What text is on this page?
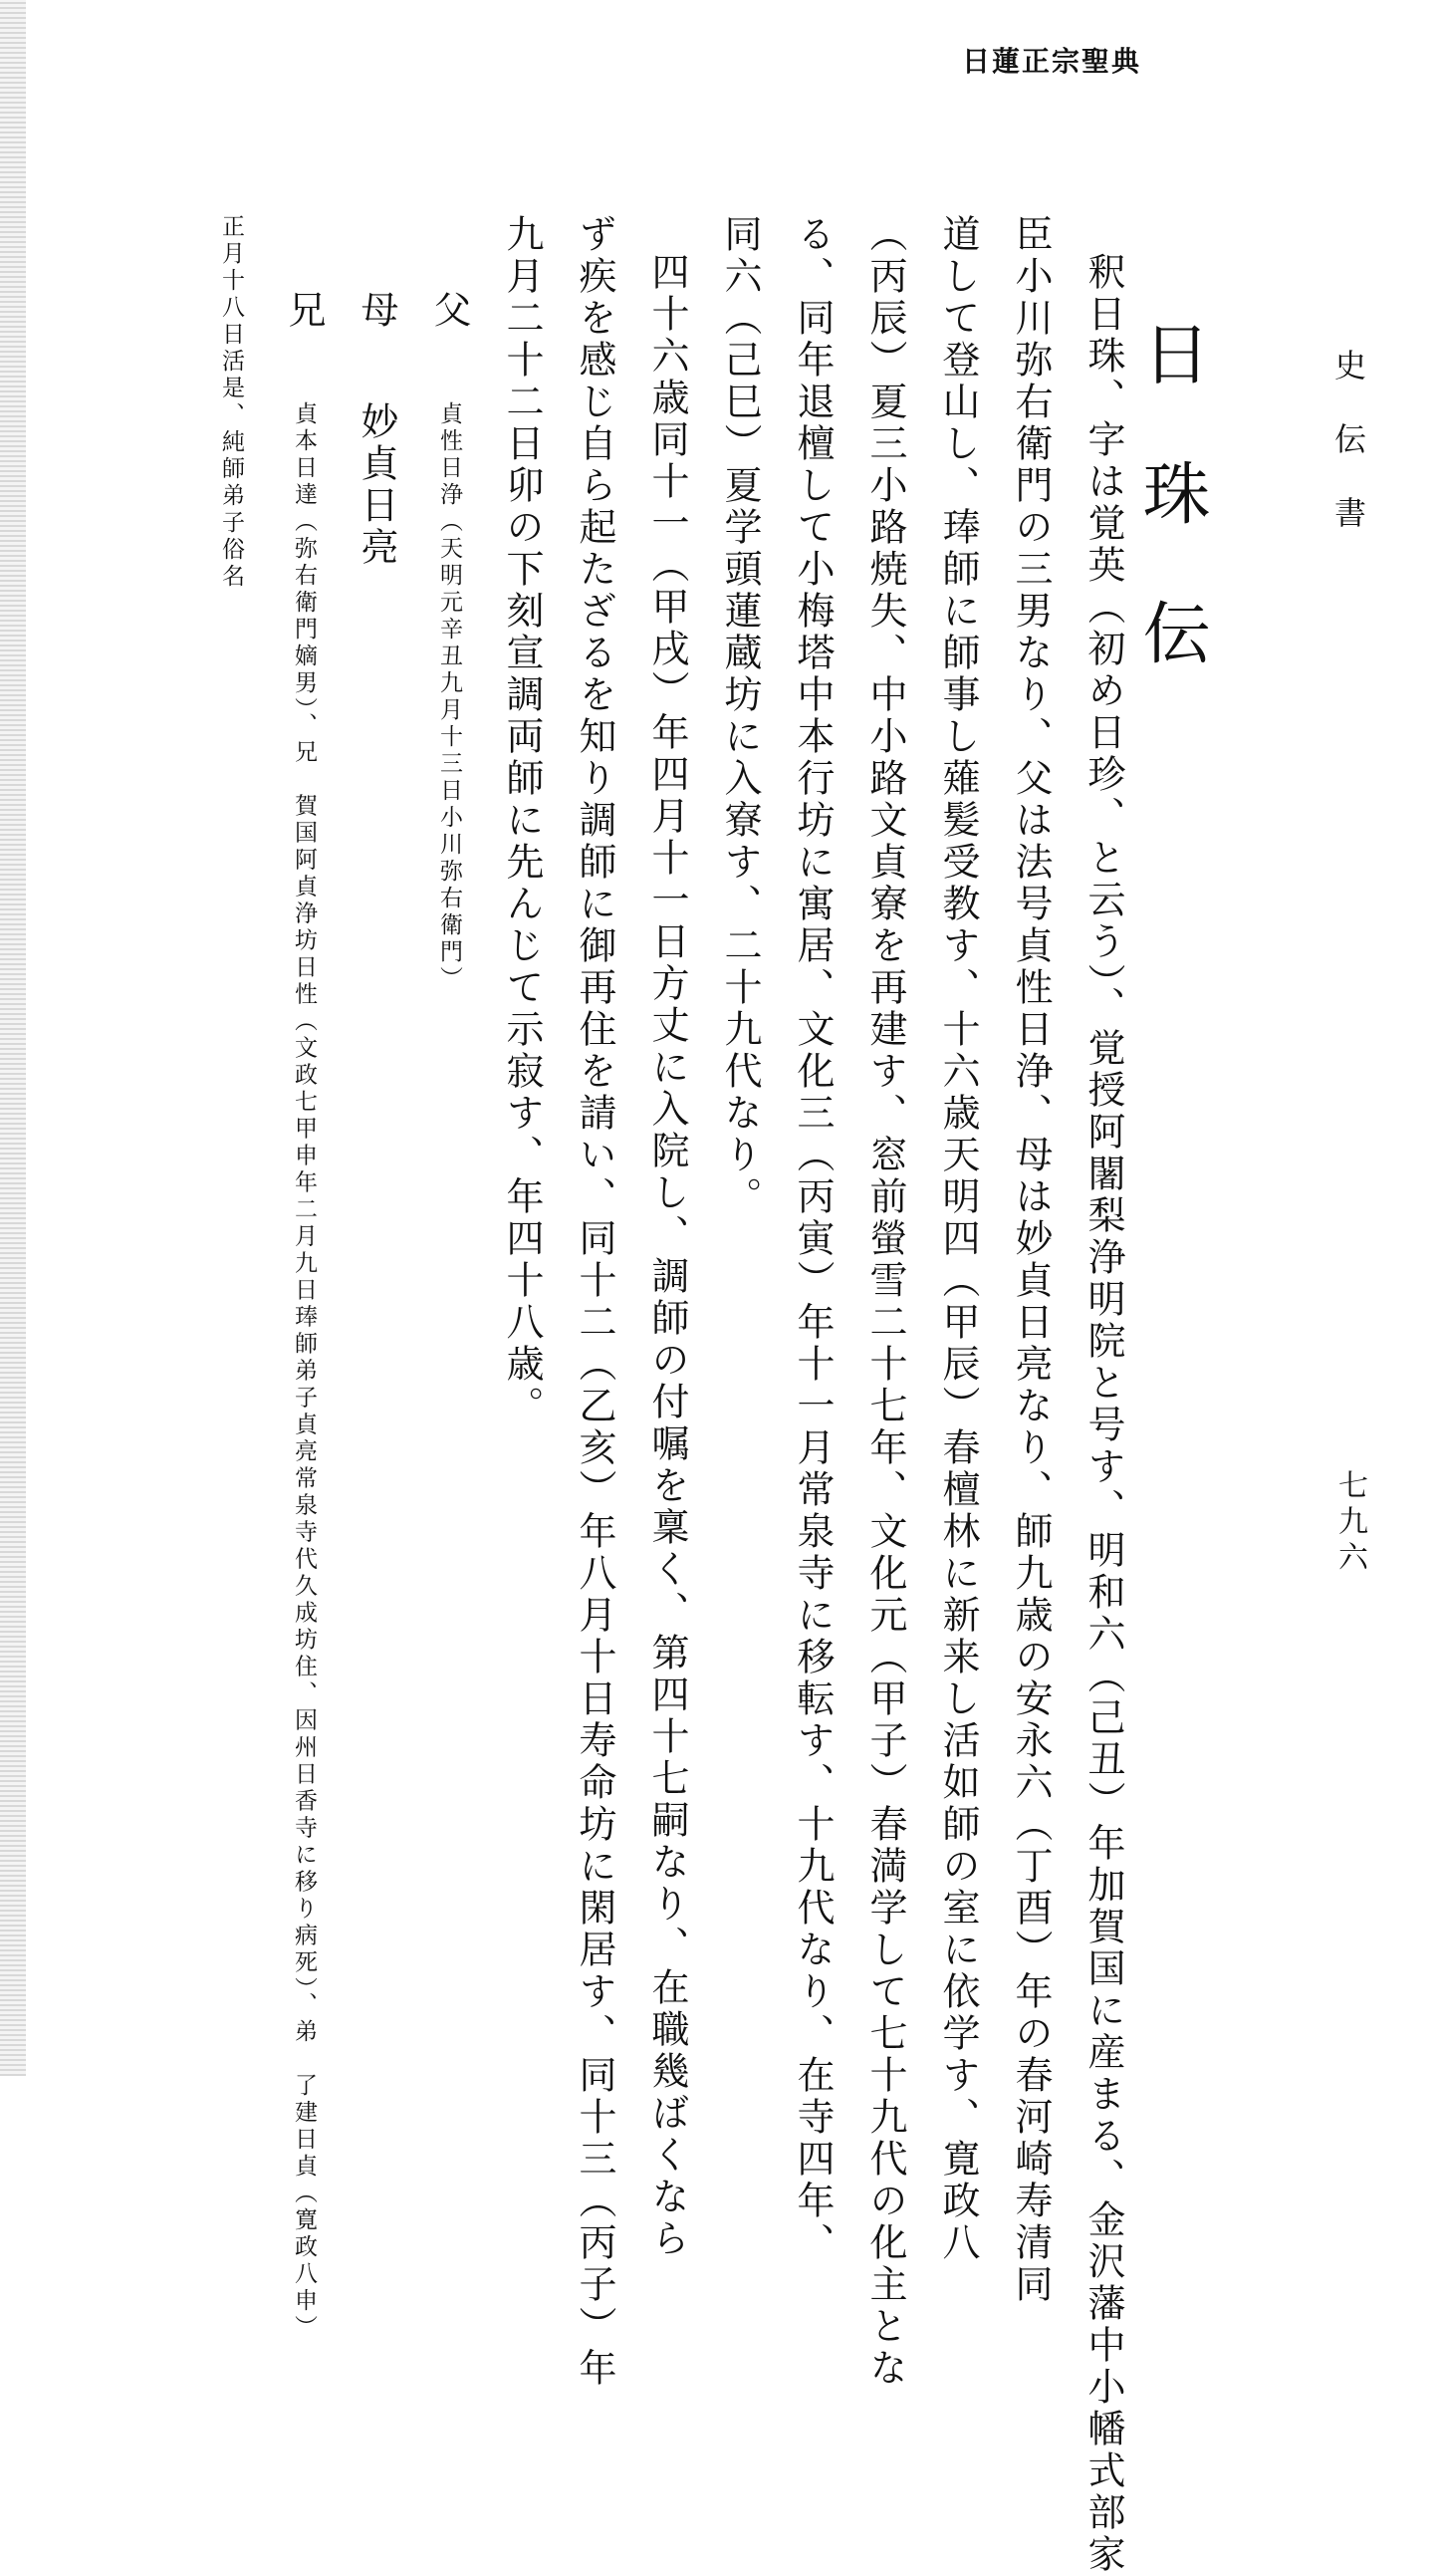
日蓮正宗聖典
史伝書
七九六
日珠伝

釈日珠、字は覚英（初め日珍、と云う）、覚授阿闍梨浄明院と号す、明和六（己丑）年加賀国に産まる、金沢藩中小幡式部家

臣小川弥右衛門の三男なり、父は法号貞性日浄、母は妙貞日亮なり、師九歳の安永六（丁酉）年の春河崎寿清同

道して登山し、琫師に師事し薙髪受教す、十六歳天明四（甲辰）春檀林に新来し活如師の室に依学す、寛政八

（丙辰）夏三小路焼失、中小路文貞寮を再建す、窓前螢雪二十七年、文化元（甲子）春満学して七十九代の化主とな

る、同年退檀して小梅塔中本行坊に寓居、文化三（丙寅）年十一月常泉寺に移転す、十九代なり、在寺四年、

同六（己巳）夏学頭蓮蔵坊に入寮す、二十九代なり。

四十六歳同十一（甲戌）年四月十一日方丈に入院し、調師の付嘱を稟く、第四十七嗣なり、在職幾ばくなら

ず疾を感じ自ら起たざるを知り調師に御再住を請い、同十二（乙亥）年八月十日寿命坊に閑居す、同十三（丙子）年

九月二十二日卯の下刻宣調両師に先んじて示寂す、年四十八歳。

父 貞性日浄（天明元辛丑九月十三日小川弥右衛門）

母 妙貞日亮

兄 貞本日達（弥右衛門嫡男）、兄　賀国阿貞浄坊日性（文政七甲申年二月九日琫師弟子貞亮常泉寺代久成坊住、因州日香寺に移り病死）、弟　了建日貞（寛政八申）

正月十八日活是、純師弟子俗名
